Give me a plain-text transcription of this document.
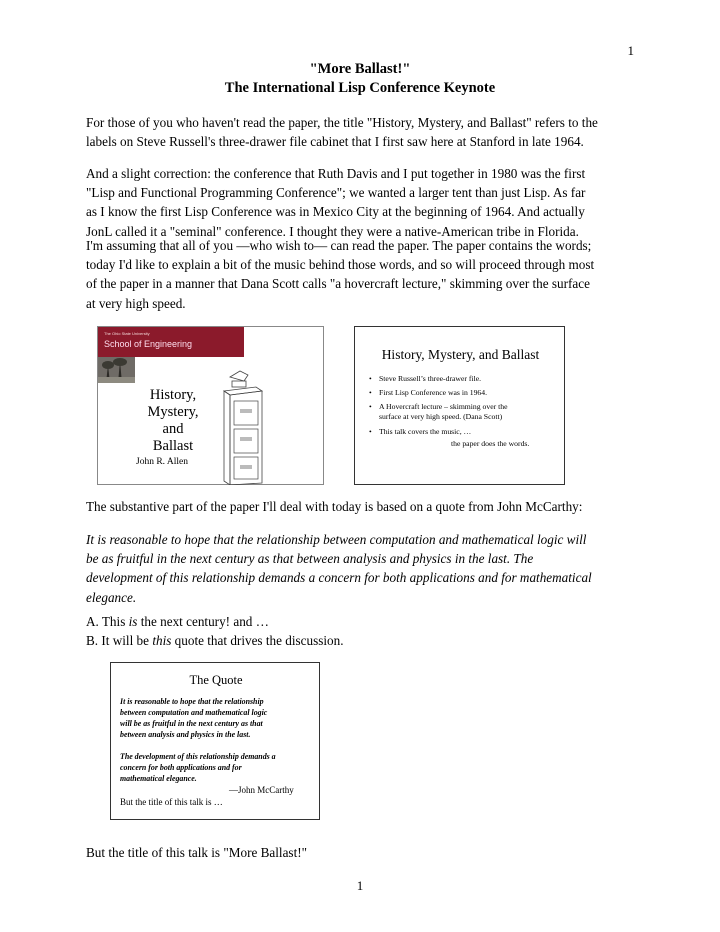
1
"More Ballast!"
The International Lisp Conference Keynote
For those of you who haven't read the paper, the title "History, Mystery, and Ballast" refers to the
labels on Steve Russell's three-drawer file cabinet that I first saw here at Stanford in late 1964.
And a slight correction: the conference that Ruth Davis and I put together in 1980 was the first
"Lisp and Functional Programming Conference"; we wanted a larger tent than just Lisp. As far
as I know the first Lisp Conference was in Mexico City at the beginning of 1964. And actually
JonL called it a "seminal" conference. I thought they were a native-American tribe in Florida.
I'm assuming that all of you —who wish to— can read the paper. The paper contains the words;
today I'd like to explain a bit of the music behind those words, and so will proceed through most
of the paper in a manner that Dana Scott calls "a hovercraft lecture," skimming over the surface
at very high speed.
The Ohio State University
School of Engineering
History,
Mystery,
and
Ballast
John R. Allen
History, Mystery, and Ballast
• Steve Russell’s three-drawer file.
• First Lisp Conference was in 1964.
• A Hovercraft lecture – skimming over the
surface at very high speed. (Dana Scott)
• This talk covers the music, …
the paper does the words.
The substantive part of the paper I'll deal with today is based on a quote from John McCarthy:
It is reasonable to hope that the relationship between computation and mathematical logic will
be as fruitful in the next century as that between analysis and physics in the last. The
development of this relationship demands a concern for both applications and for mathematical
elegance.
A. This is the next century! and …
B. It will be this quote that drives the discussion.
The Quote
It is reasonable to hope that the relationship
between computation and mathematical logic
will be as fruitful in the next century as that
between analysis and physics in the last.
The development of this relationship demands a
concern for both applications and for
mathematical elegance.
—John McCarthy
But the title of this talk is …
But the title of this talk is "More Ballast!"
1
